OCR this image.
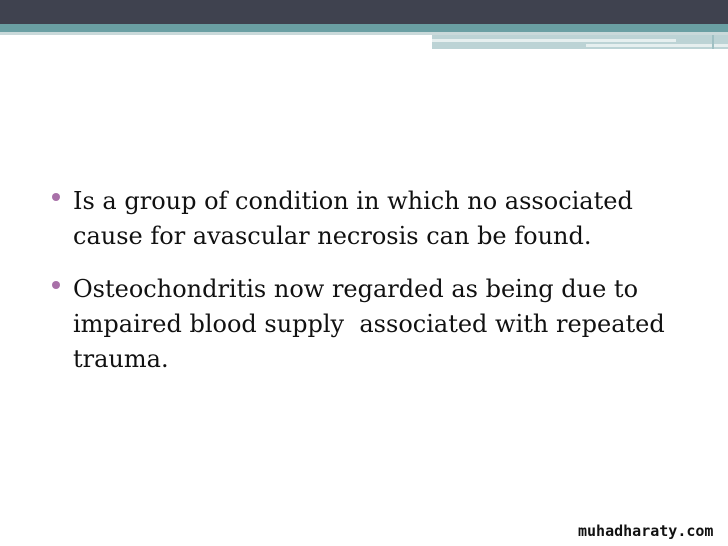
Is a group of condition in which no associated cause for avascular necrosis can be found.
Osteochondritis now regarded as being due to impaired blood supply  associated with repeated trauma.
muhadharaty.com
